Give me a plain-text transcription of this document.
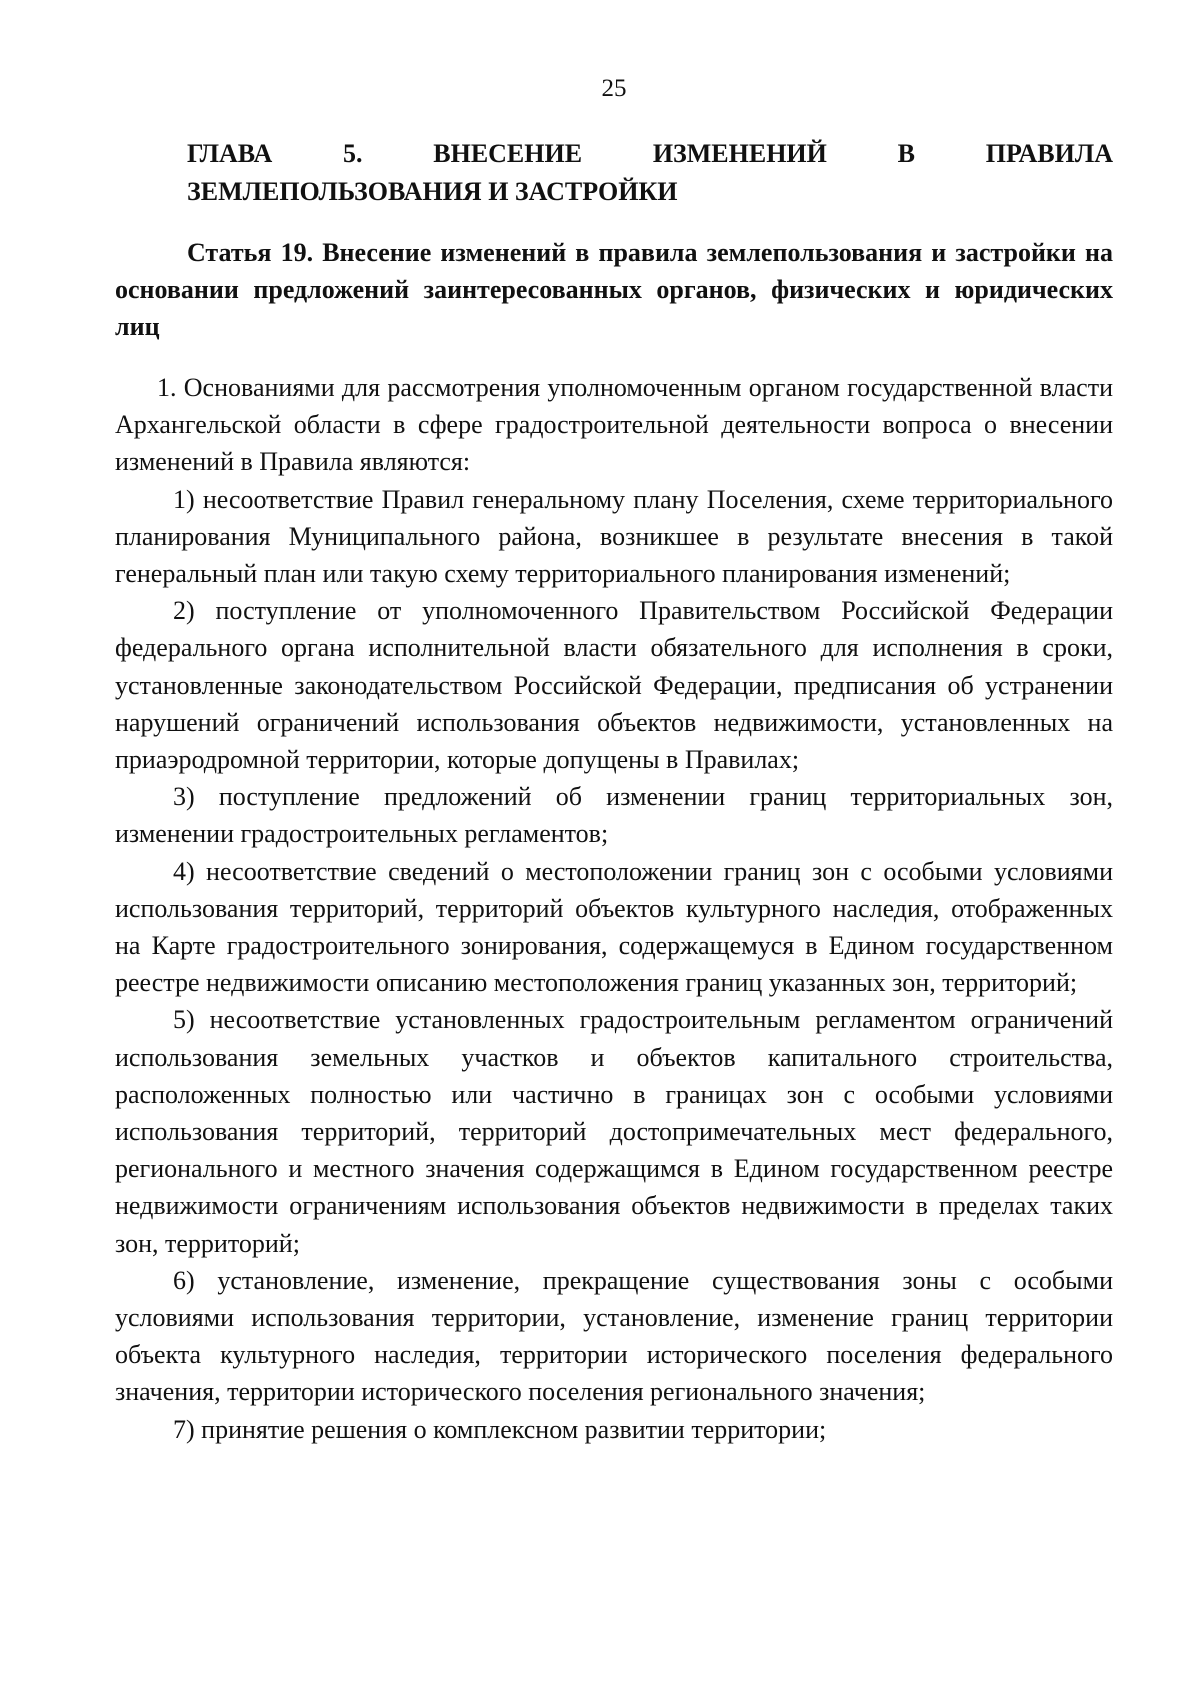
25
ГЛАВА 5. ВНЕСЕНИЕ ИЗМЕНЕНИЙ В ПРАВИЛА
ЗЕМЛЕПОЛЬЗОВАНИЯ И ЗАСТРОЙКИ
Статья 19. Внесение изменений в правила землепользования и застройки на основании предложений заинтересованных органов, физических и юридических лиц

1. Основаниями для рассмотрения уполномоченным органом государственной власти Архангельской области в сфере градостроительной деятельности вопроса о внесении изменений в Правила являются:

1) несоответствие Правил генеральному плану Поселения, схеме территориального планирования Муниципального района, возникшее в результате внесения в такой генеральный план или такую схему территориального планирования изменений;

2) поступление от уполномоченного Правительством Российской Федерации федерального органа исполнительной власти обязательного для исполнения в сроки, установленные законодательством Российской Федерации, предписания об устранении нарушений ограничений использования объектов недвижимости, установленных на приаэродромной территории, которые допущены в Правилах;

3) поступление предложений об изменении границ территориальных зон, изменении градостроительных регламентов;

4) несоответствие сведений о местоположении границ зон с особыми условиями использования территорий, территорий объектов культурного наследия, отображенных на Карте градостроительного зонирования, содержащемуся в Едином государственном реестре недвижимости описанию местоположения границ указанных зон, территорий;

5) несоответствие установленных градостроительным регламентом ограничений использования земельных участков и объектов капитального строительства, расположенных полностью или частично в границах зон с особыми условиями использования территорий, территорий достопримечательных мест федерального, регионального и местного значения содержащимся в Едином государственном реестре недвижимости ограничениям использования объектов недвижимости в пределах таких зон, территорий;

6) установление, изменение, прекращение существования зоны с особыми условиями использования территории, установление, изменение границ территории объекта культурного наследия, территории исторического поселения федерального значения, территории исторического поселения регионального значения;

7) принятие решения о комплексном развитии территории;
